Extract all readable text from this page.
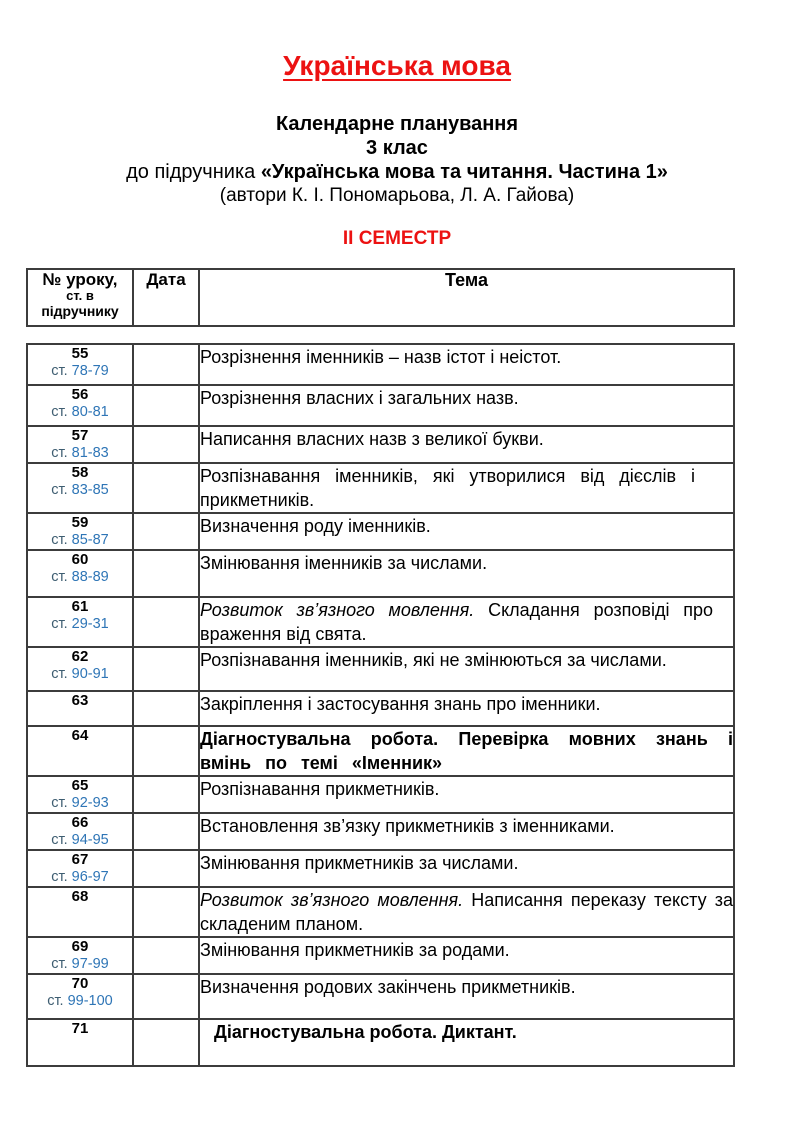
Українська мова

Календарне планування

3 клас

до підручника «Українська мова та читання. Частина 1»

(автори К. І. Пономарьова, Л. А. Гайова)

ІІ СЕМЕСТР

№ уроку,
ст. в
підручнику
	Дата	Тема
55
ст. 78-79		Розрізнення іменників – назв істот і неістот.

56
ст. 80-81		Розрізнення власних і загальних назв.

57
ст. 81-83		Написання власних назв з великої букви.

58
ст. 83-85		Розпізнавання іменників, які утворилися від дієслів і прикметників.

59
ст. 85-87		Визначення роду іменників.

60
ст. 88-89		Змінювання іменників за числами.

61
ст. 29-31		Розвиток зв’язного мовлення. Складання розповіді про враження від свята.

62
ст. 90-91		Розпізнавання іменників, які не змінюються за числами.

63		Закріплення і застосування знань про іменники.

64		Діагностувальна робота. Перевірка мовних знань і вмінь по темі «Іменник»

65
ст. 92-93		Розпізнавання прикметників.

66
ст. 94-95		Встановлення зв’язку прикметників з іменниками.

67
ст. 96-97		Змінювання прикметників за числами.

68		Розвиток зв’язного мовлення. Написання переказу тексту за складеним планом.

69
ст. 97-99		Змінювання прикметників за родами.

70
ст. 99-100		Визначення родових закінчень прикметників.

71		Діагностувальна робота. Диктант.
